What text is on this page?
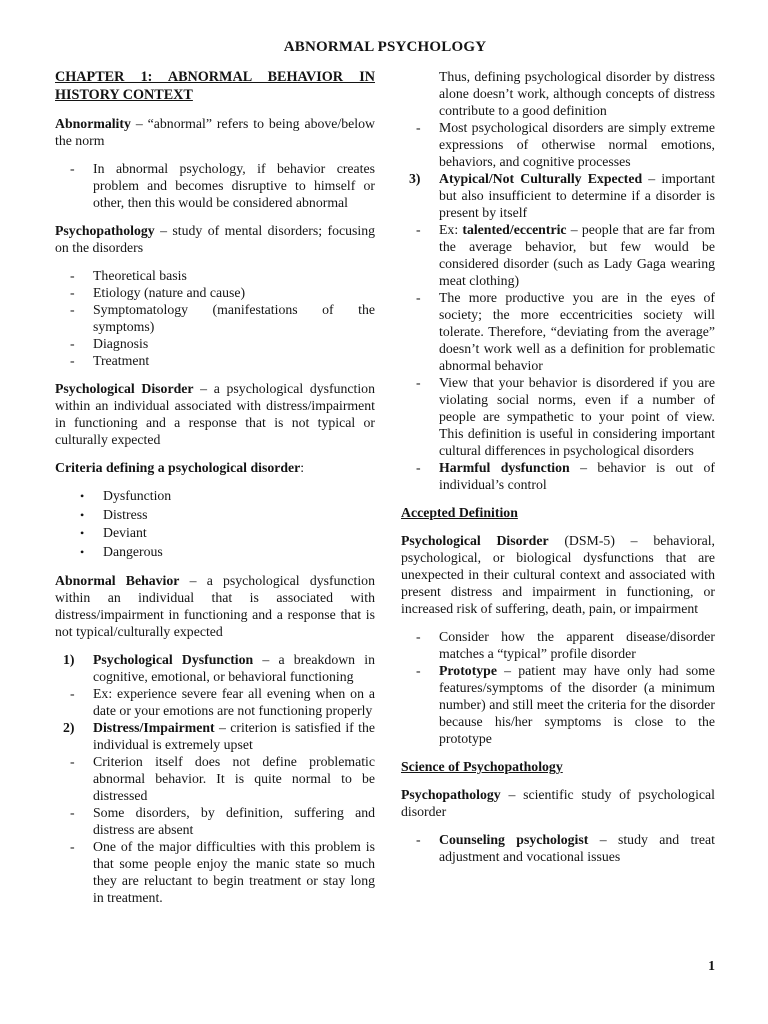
ABNORMAL PSYCHOLOGY
CHAPTER 1: ABNORMAL BEHAVIOR IN HISTORY CONTEXT
Abnormality – “abnormal” refers to being above/below the norm
- In abnormal psychology, if behavior creates problem and becomes disruptive to himself or other, then this would be considered abnormal
Psychopathology – study of mental disorders; focusing on the disorders
- Theoretical basis
- Etiology (nature and cause)
- Symptomatology (manifestations of the symptoms)
- Diagnosis
- Treatment
Psychological Disorder – a psychological dysfunction within an individual associated with distress/impairment in functioning and a response that is not typical or culturally expected
Criteria defining a psychological disorder:
• Dysfunction
• Distress
• Deviant
• Dangerous
Abnormal Behavior – a psychological dysfunction within an individual that is associated with distress/impairment in functioning and a response that is not typical/culturally expected
1) Psychological Dysfunction – a breakdown in cognitive, emotional, or behavioral functioning
- Ex: experience severe fear all evening when on a date or your emotions are not functioning properly
2) Distress/Impairment – criterion is satisfied if the individual is extremely upset
- Criterion itself does not define problematic abnormal behavior. It is quite normal to be distressed
- Some disorders, by definition, suffering and distress are absent
- One of the major difficulties with this problem is that some people enjoy the manic state so much they are reluctant to begin treatment or stay long in treatment.
Thus, defining psychological disorder by distress alone doesn’t work, although concepts of distress contribute to a good definition
- Most psychological disorders are simply extreme expressions of otherwise normal emotions, behaviors, and cognitive processes
3) Atypical/Not Culturally Expected – important but also insufficient to determine if a disorder is present by itself
- Ex: talented/eccentric – people that are far from the average behavior, but few would be considered disorder (such as Lady Gaga wearing meat clothing)
- The more productive you are in the eyes of society; the more eccentricities society will tolerate. Therefore, “deviating from the average” doesn’t work well as a definition for problematic abnormal behavior
- View that your behavior is disordered if you are violating social norms, even if a number of people are sympathetic to your point of view. This definition is useful in considering important cultural differences in psychological disorders
- Harmful dysfunction – behavior is out of individual’s control
Accepted Definition
Psychological Disorder (DSM-5) – behavioral, psychological, or biological dysfunctions that are unexpected in their cultural context and associated with present distress and impairment in functioning, or increased risk of suffering, death, pain, or impairment
- Consider how the apparent disease/disorder matches a “typical” profile disorder
- Prototype – patient may have only had some features/symptoms of the disorder (a minimum number) and still meet the criteria for the disorder because his/her symptoms is close to the prototype
Science of Psychopathology
Psychopathology – scientific study of psychological disorder
- Counseling psychologist – study and treat adjustment and vocational issues
1
